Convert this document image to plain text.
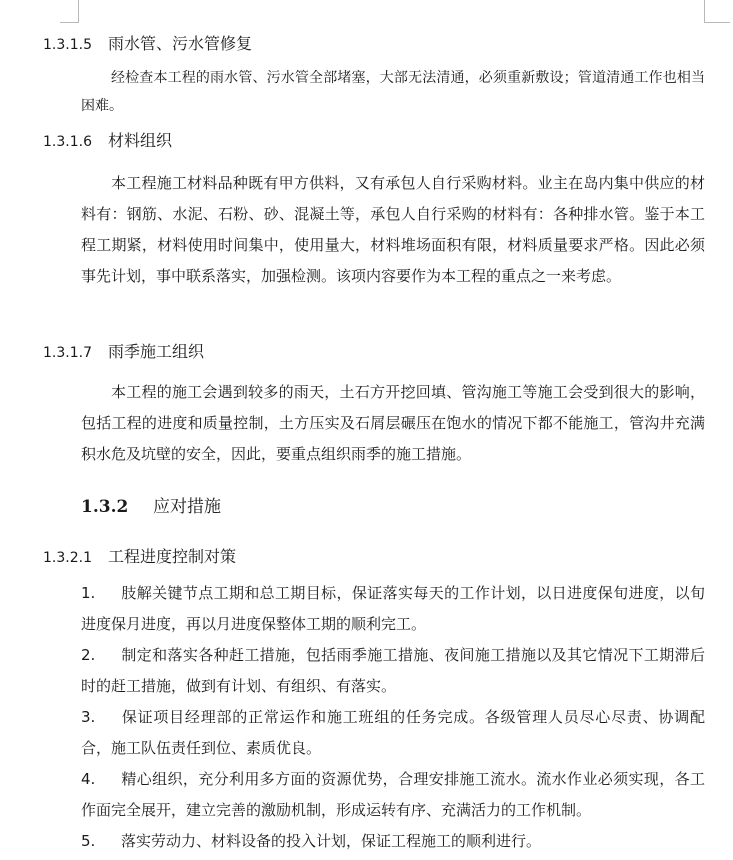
1.3.1.5 雨水管、污水管修复
经检查本工程的雨水管、污水管全部堵塞，大部无法清通，必须重新敷设；管道清通工作也相当困难。
1.3.1.6 材料组织
本工程施工材料品种既有甲方供料，又有承包人自行采购材料。业主在岛内集中供应的材料有：钢筋、水泥、石粉、砂、混凝土等，承包人自行采购的材料有：各种排水管。鉴于本工程工期紧，材料使用时间集中，使用量大，材料堆场面积有限，材料质量要求严格。因此必须事先计划，事中联系落实，加强检测。该项内容要作为本工程的重点之一来考虑。
1.3.1.7 雨季施工组织
本工程的施工会遇到较多的雨天，土石方开挖回填、管沟施工等施工会受到很大的影响，包括工程的进度和质量控制，土方压实及石屑层碾压在饱水的情况下都不能施工，管沟井充满积水危及坑壁的安全，因此，要重点组织雨季的施工措施。
1.3.2 应对措施
1.3.2.1 工程进度控制对策
1. 肢解关键节点工期和总工期目标，保证落实每天的工作计划，以日进度保旬进度，以旬进度保月进度，再以月进度保整体工期的顺利完工。
2. 制定和落实各种赶工措施，包括雨季施工措施、夜间施工措施以及其它情况下工期滞后时的赶工措施，做到有计划、有组织、有落实。
3. 保证项目经理部的正常运作和施工班组的任务完成。各级管理人员尽心尽责、协调配合，施工队伍责任到位、素质优良。
4. 精心组织，充分利用多方面的资源优势，合理安排施工流水。流水作业必须实现，各工作面完全展开，建立完善的激励机制，形成运转有序、充满活力的工作机制。
5. 落实劳动力、材料设备的投入计划，保证工程施工的顺利进行。
